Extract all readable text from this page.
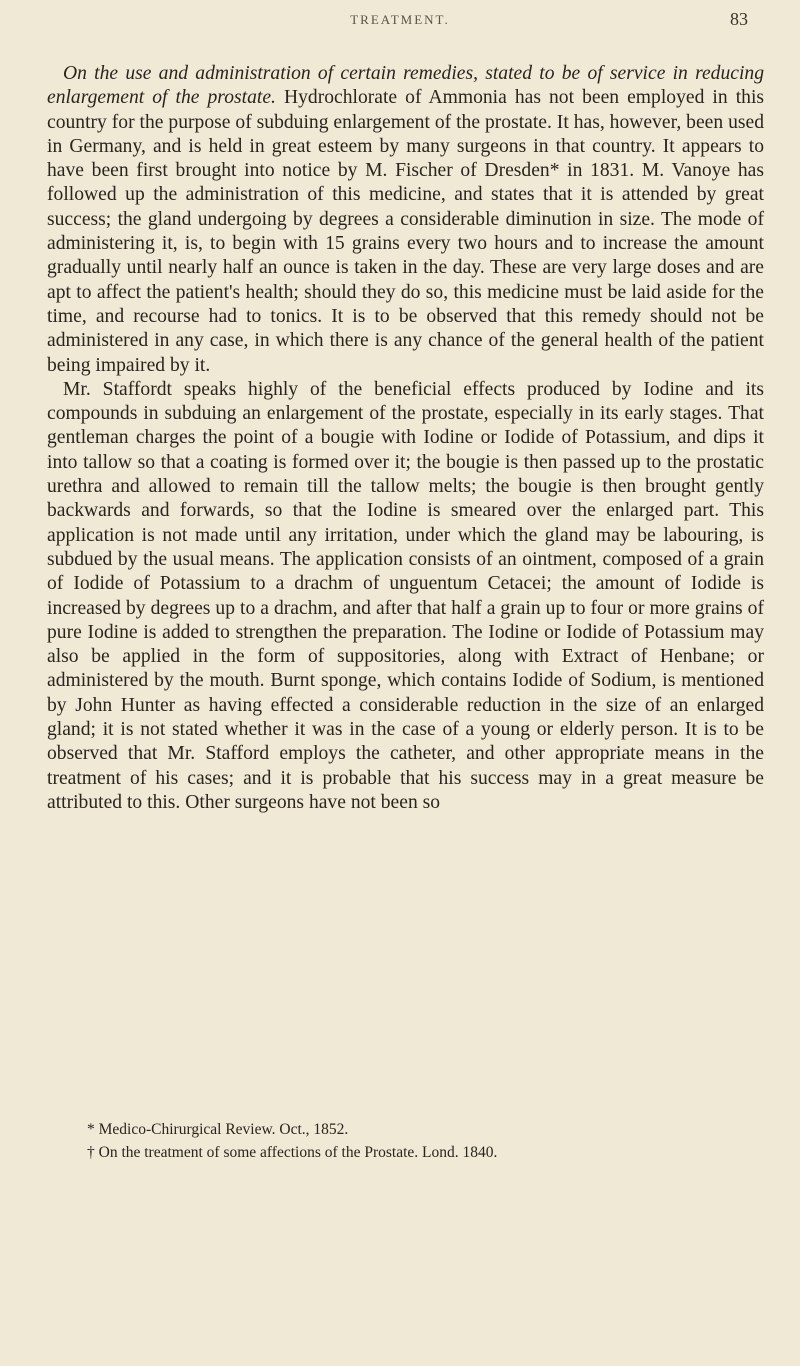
TREATMENT.	83

On the use and administration of certain remedies, stated to be of service in reducing enlargement of the prostate. Hydrochlorate of Ammonia has not been employed in this country for the purpose of subduing enlargement of the prostate. It has, however, been used in Germany, and is held in great esteem by many surgeons in that country. It appears to have been first brought into notice by M. Fischer of Dresden* in 1831. M. Vanoye has followed up the administration of this medicine, and states that it is attended by great success; the gland undergoing by degrees a considerable diminution in size. The mode of administering it, is, to begin with 15 grains every two hours and to increase the amount gradually until nearly half an ounce is taken in the day. These are very large doses and are apt to affect the patient's health; should they do so, this medicine must be laid aside for the time, and recourse had to tonics. It is to be observed that this remedy should not be administered in any case, in which there is any chance of the general health of the patient being impaired by it.

Mr. Staffordt speaks highly of the beneficial effects produced by Iodine and its compounds in subduing an enlargement of the prostate, especially in its early stages. That gentleman charges the point of a bougie with Iodine or Iodide of Potassium, and dips it into tallow so that a coating is formed over it; the bougie is then passed up to the prostatic urethra and allowed to remain till the tallow melts; the bougie is then brought gently backwards and forwards, so that the Iodine is smeared over the enlarged part. This application is not made until any irritation, under which the gland may be labouring, is subdued by the usual means. The application consists of an ointment, composed of a grain of Iodide of Potassium to a drachm of unguentum Cetacei; the amount of Iodide is increased by degrees up to a drachm, and after that half a grain up to four or more grains of pure Iodine is added to strengthen the preparation. The Iodine or Iodide of Potassium may also be applied in the form of suppositories, along with Extract of Henbane; or administered by the mouth. Burnt sponge, which contains Iodide of Sodium, is mentioned by John Hunter as having effected a considerable reduction in the size of an enlarged gland; it is not stated whether it was in the case of a young or elderly person. It is to be observed that Mr. Stafford employs the catheter, and other appropriate means in the treatment of his cases; and it is probable that his success may in a great measure be attributed to this. Other surgeons have not been so

* Medico-Chirurgical Review. Oct., 1852.
† On the treatment of some affections of the Prostate. Lond. 1840.
